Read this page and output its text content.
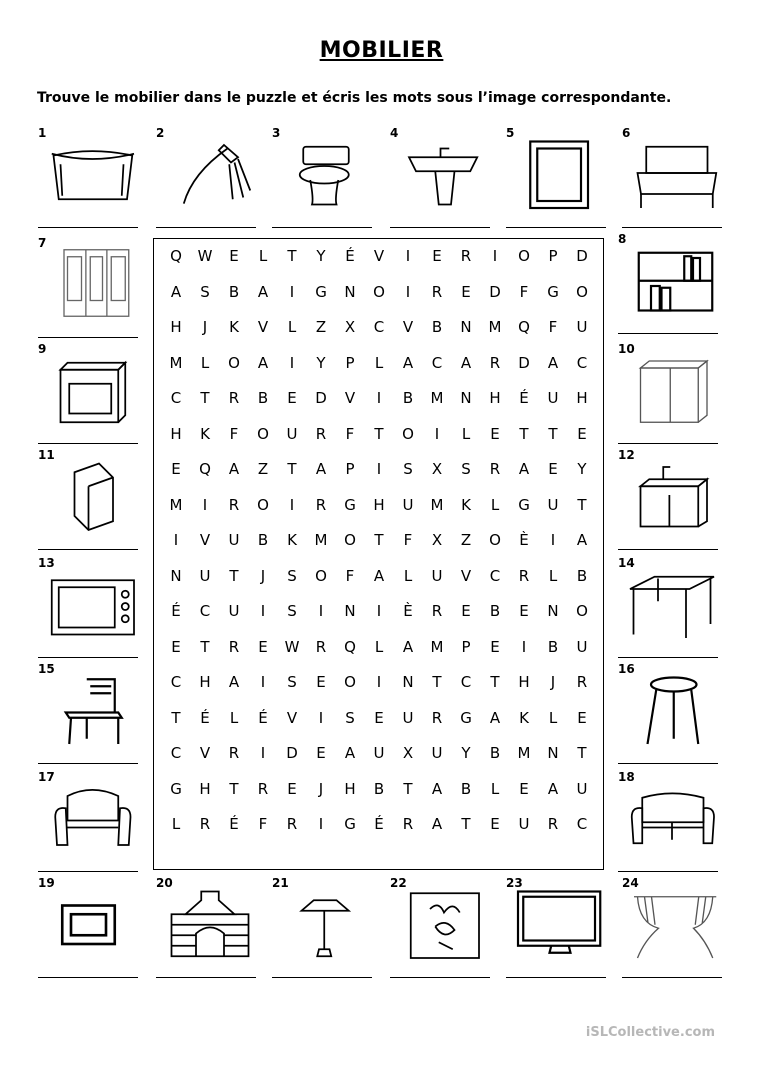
MOBILIER
Trouve le mobilier dans le puzzle et écris les mots sous l’image correspondante.
1	2	3	4	5	6
7
9
11
13
15
17
8
10
12
14
16
18
19	20	21	22	23	24
Q	W	E	L	T	Y	É	V	I	E	R	I	O	P	D
A	S	B	A	I	G	N	O	I	R	E	D	F	G	O
H	J	K	V	L	Z	X	C	V	B	N	M	Q	F	U
M	L	O	A	I	Y	P	L	A	C	A	R	D	A	C
C	T	R	B	E	D	V	I	B	M	N	H	É	U	H
H	K	F	O	U	R	F	T	O	I	L	E	T	T	E
E	Q	A	Z	T	A	P	I	S	X	S	R	A	E	Y
M	I	R	O	I	R	G	H	U	M	K	L	G	U	T
I	V	U	B	K	M	O	T	F	X	Z	O	È	I	A
N	U	T	J	S	O	F	A	L	U	V	C	R	L	B
É	C	U	I	S	I	N	I	È	R	E	B	E	N	O
E	T	R	E	W	R	Q	L	A	M	P	E	I	B	U
C	H	A	I	S	E	O	I	N	T	C	T	H	J	R
T	É	L	É	V	I	S	E	U	R	G	A	K	L	E
C	V	R	I	D	E	A	U	X	U	Y	B	M	N	T
G	H	T	R	E	J	H	B	T	A	B	L	E	A	U
L	R	É	F	R	I	G	É	R	A	T	E	U	R	C
iSLCollective.com
